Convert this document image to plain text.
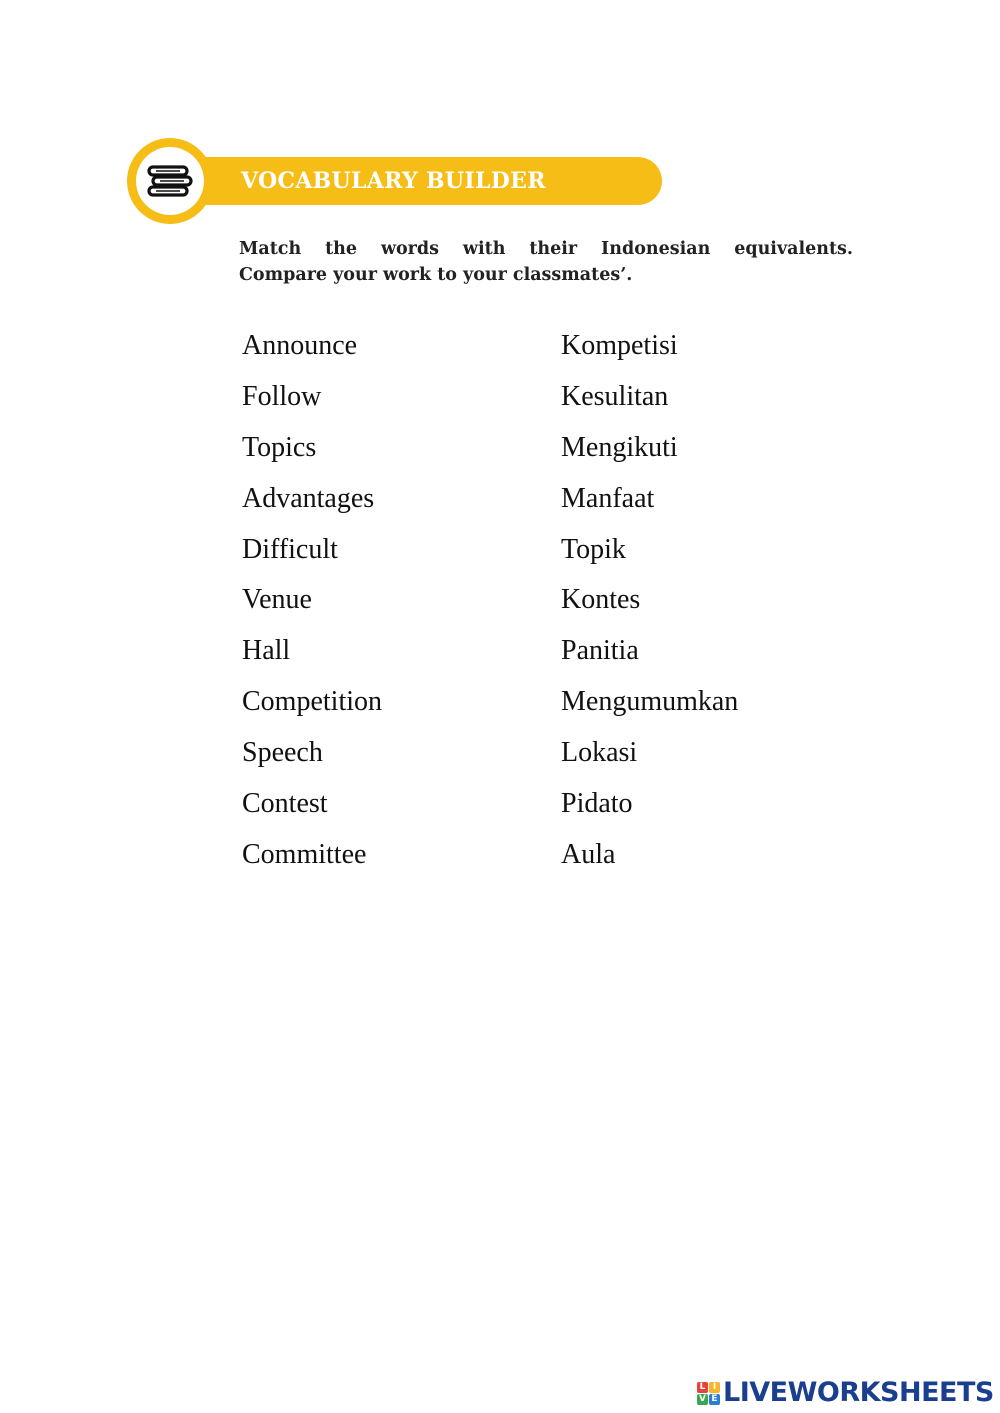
VOCABULARY BUILDER
Match the words with their Indonesian equivalents.
Compare your work to your classmates’.
Announce
Follow
Topics
Advantages
Difficult
Venue
Hall
Competition
Speech
Contest
Committee
Kompetisi
Kesulitan
Mengikuti
Manfaat
Topik
Kontes
Panitia
Mengumumkan
Lokasi
Pidato
Aula
L I
V E LIVEWORKSHEETS
